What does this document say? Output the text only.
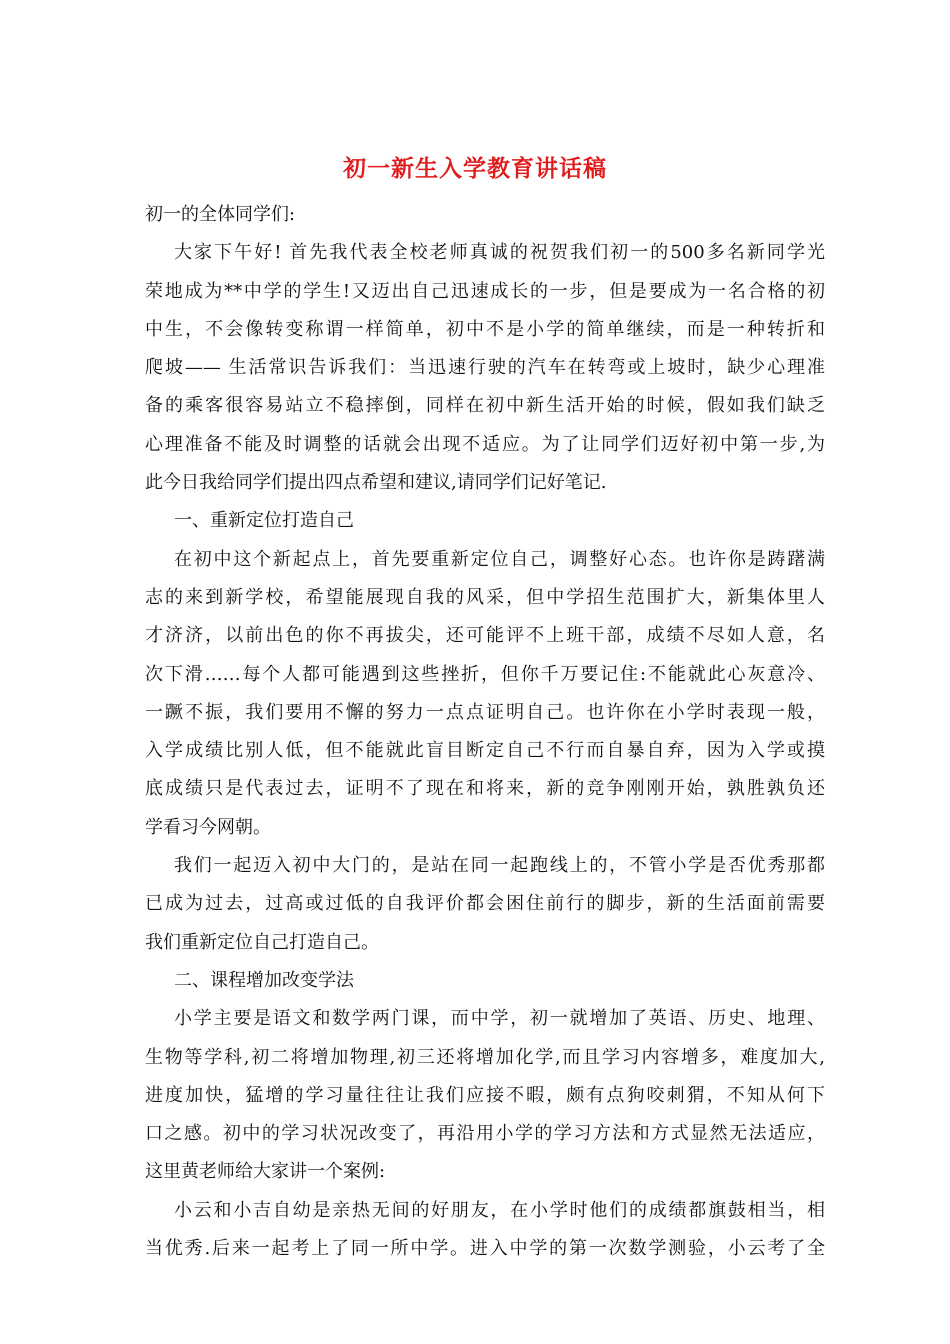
初一新生入学教育讲话稿
初一的全体同学们:
大家下午好! 首先我代表全校老师真诚的祝贺我们初一的500多名新同学光
荣地成为**中学的学生!又迈出自己迅速成长的一步，但是要成为一名合格的初
中生，不会像转变称谓一样简单，初中不是小学的简单继续，而是一种转折和
爬坡—— 生活常识告诉我们：当迅速行驶的汽车在转弯或上坡时，缺少心理准
备的乘客很容易站立不稳摔倒，同样在初中新生活开始的时候，假如我们缺乏
心理准备不能及时调整的话就会出现不适应。为了让同学们迈好初中第一步,为
此今日我给同学们提出四点希望和建议,请同学们记好笔记.
一、重新定位打造自己
在初中这个新起点上，首先要重新定位自己，调整好心态。也许你是踌躇满
志的来到新学校，希望能展现自我的风采，但中学招生范围扩大，新集体里人
才济济，以前出色的你不再拔尖，还可能评不上班干部，成绩不尽如人意，名
次下滑……每个人都可能遇到这些挫折，但你千万要记住:不能就此心灰意冷、
一蹶不振，我们要用不懈的努力一点点证明自己。也许你在小学时表现一般，
入学成绩比别人低，但不能就此盲目断定自己不行而自暴自弃，因为入学或摸
底成绩只是代表过去，证明不了现在和将来，新的竞争刚刚开始，孰胜孰负还
学看习今网朝。
我们一起迈入初中大门的，是站在同一起跑线上的，不管小学是否优秀那都
已成为过去，过高或过低的自我评价都会困住前行的脚步，新的生活面前需要
我们重新定位自己打造自己。
二、课程增加改变学法
小学主要是语文和数学两门课，而中学，初一就增加了英语、历史、地理、
生物等学科,初二将增加物理,初三还将增加化学,而且学习内容增多，难度加大,
进度加快，猛增的学习量往往让我们应接不暇，颇有点狗咬刺猬，不知从何下
口之感。初中的学习状况改变了，再沿用小学的学习方法和方式显然无法适应，
这里黄老师给大家讲一个案例:
小云和小吉自幼是亲热无间的好朋友，在小学时他们的成绩都旗鼓相当，相
当优秀.后来一起考上了同一所中学。进入中学的第一次数学测验，小云考了全
